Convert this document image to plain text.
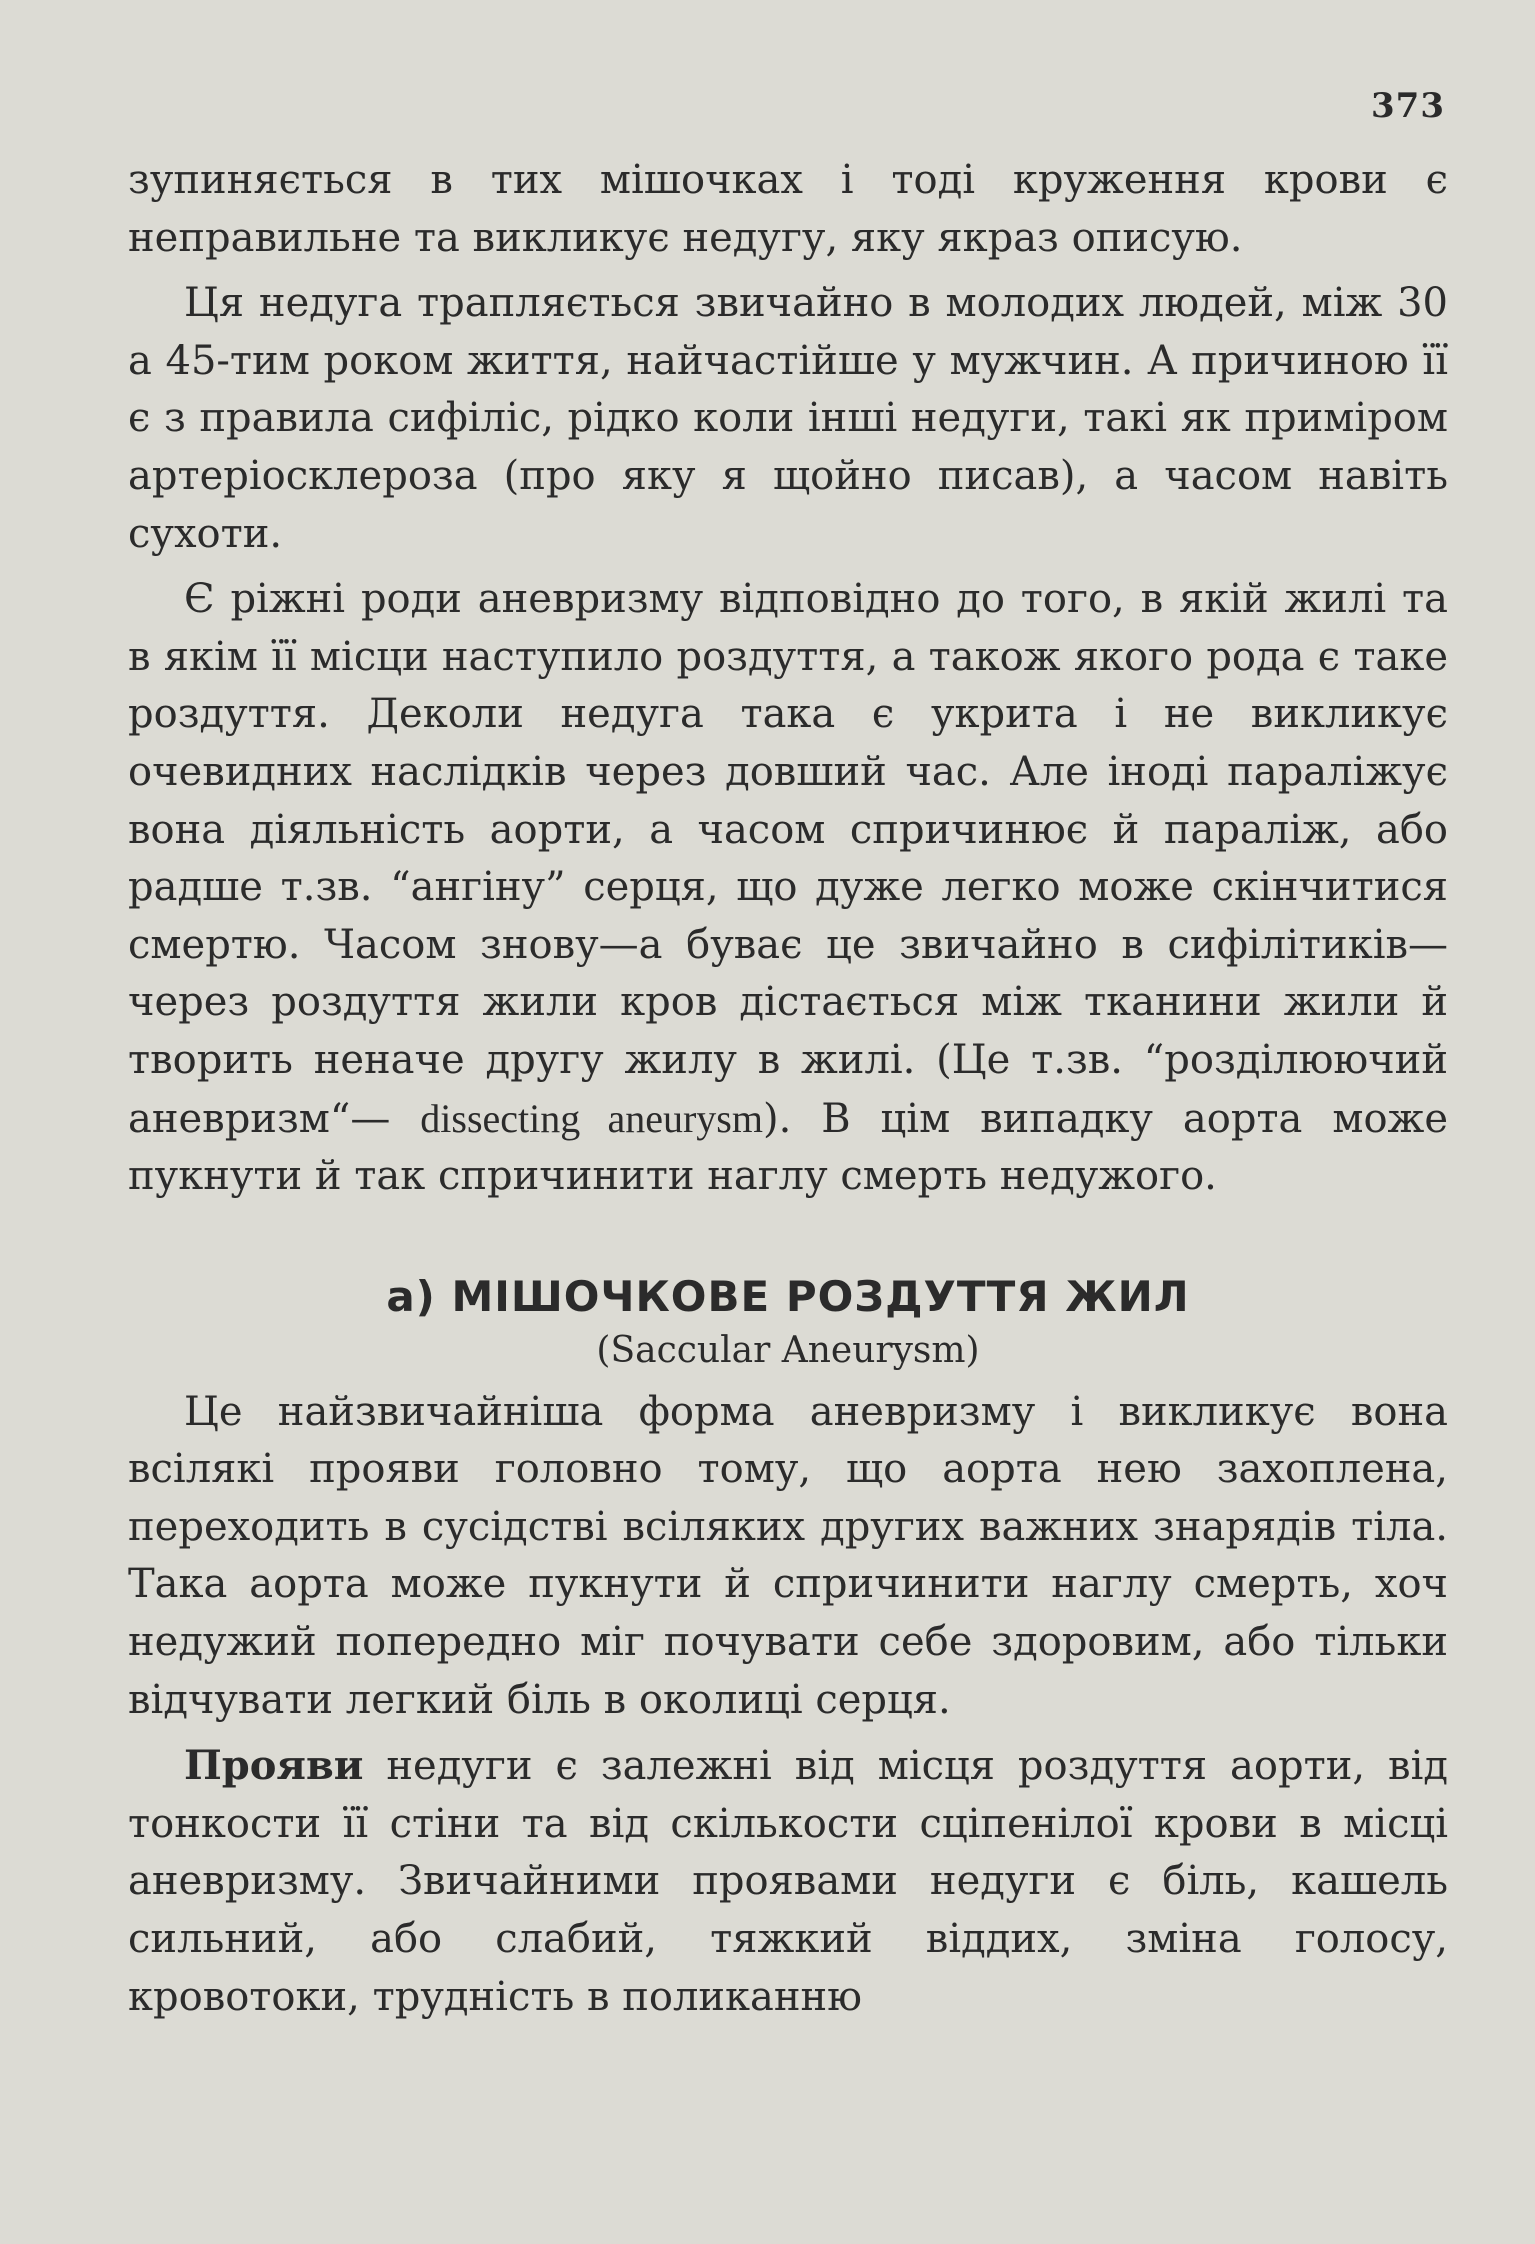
373

зупиняється в тих мішочках і тоді круження крови є неправильне та викликує недугу, яку якраз описую.

Ця недуга трапляється звичайно в молодих людей, між 30 а 45-тим роком життя, найчастійше у мужчин. А причиною її є з правила сифіліс, рідко коли інші недуги, такі як приміром артеріосклероза (про яку я щойно писав), а часом навіть сухоти.

Є ріжні роди аневризму відповідно до того, в якій жилі та в якім її місци наступило роздуття, а також якого рода є таке роздуття. Деколи недуга така є укрита і не викликує очевидних наслідків через довший час. Але іноді параліжує вона діяльність аорти, а часом спричинює й параліж, або радше т.зв. “ангіну” серця, що дуже легко може скінчитися смертю. Часом знову—а буває це звичайно в сифілітиків—через роздуття жили кров дістається між тканини жили й творить неначе другу жилу в жилі. (Це т.зв. “розділюючий аневризм“— dissecting aneurysm). В цім випадку аорта може пукнути й так спричинити наглу смерть недужого.

а) МІШОЧКОВЕ РОЗДУТТЯ ЖИЛ

(Saccular Aneurysm)

Це найзвичайніша форма аневризму і викликує вона всілякі прояви головно тому, що аорта нею захоплена, переходить в сусідстві всіляких других важних знарядів тіла. Така аорта може пукнути й спричинити наглу смерть, хоч недужий попередно міг почувати себе здоровим, або тільки відчувати легкий біль в околиці серця.

Прояви недуги є залежні від місця роздуття аорти, від тонкости її стіни та від скількости сціпенілої крови в місці аневризму. Звичайними проявами недуги є біль, кашель сильний, або слабий, тяжкий віддих, зміна голосу, кровотоки, трудність в поликанню
